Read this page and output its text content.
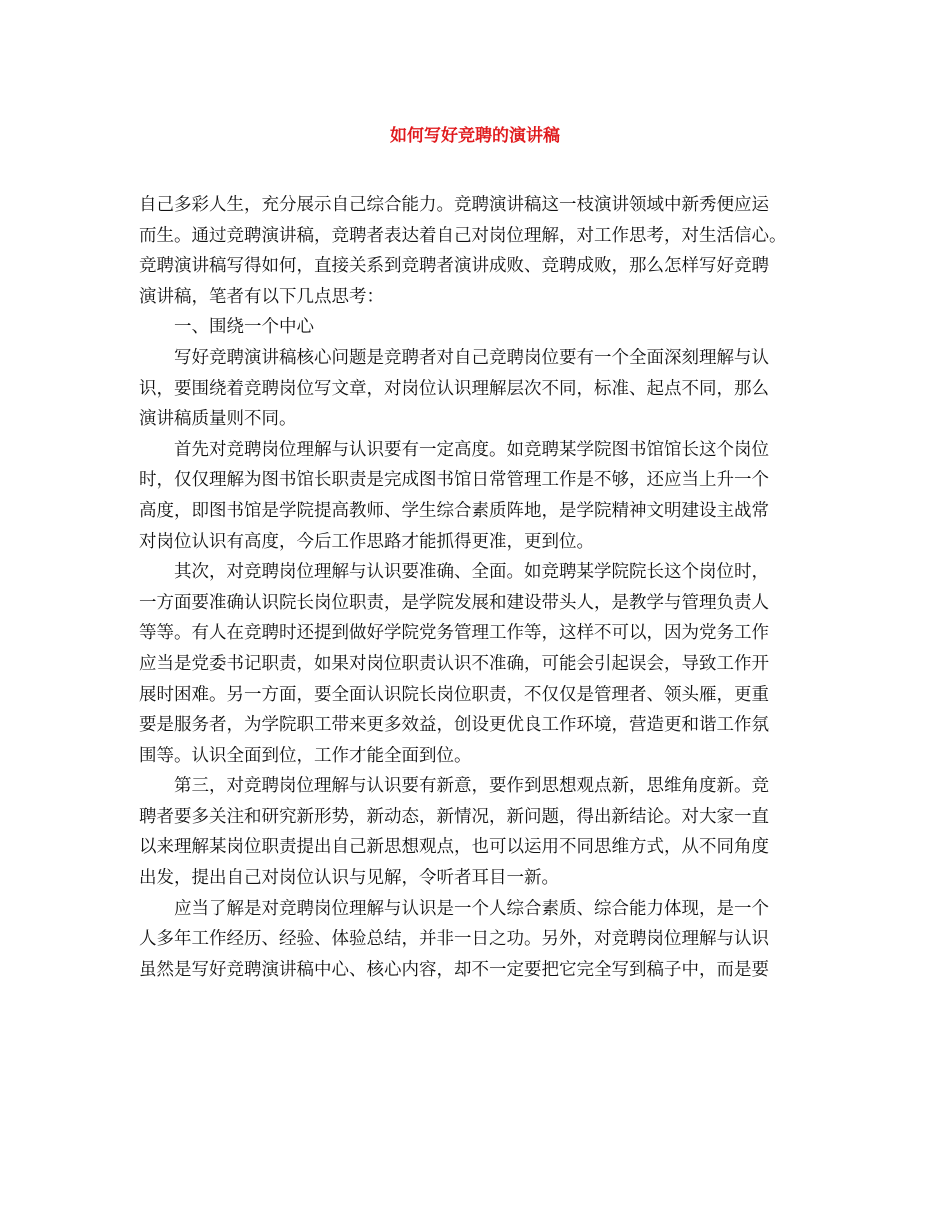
如何写好竞聘的演讲稿
自己多彩人生，充分展示自己综合能力。竞聘演讲稿这一枝演讲领域中新秀便应运
而生。通过竞聘演讲稿，竞聘者表达着自己对岗位理解，对工作思考，对生活信心。
竞聘演讲稿写得如何，直接关系到竞聘者演讲成败、竞聘成败，那么怎样写好竞聘
演讲稿，笔者有以下几点思考：
一、围绕一个中心
写好竞聘演讲稿核心问题是竞聘者对自己竞聘岗位要有一个全面深刻理解与认
识，要围绕着竞聘岗位写文章，对岗位认识理解层次不同，标准、起点不同，那么
演讲稿质量则不同。
首先对竞聘岗位理解与认识要有一定高度。如竞聘某学院图书馆馆长这个岗位
时，仅仅理解为图书馆长职责是完成图书馆日常管理工作是不够，还应当上升一个
高度，即图书馆是学院提高教师、学生综合素质阵地，是学院精神文明建设主战常
对岗位认识有高度，今后工作思路才能抓得更准，更到位。
其次，对竞聘岗位理解与认识要准确、全面。如竞聘某学院院长这个岗位时，
一方面要准确认识院长岗位职责，是学院发展和建设带头人，是教学与管理负责人
等等。有人在竞聘时还提到做好学院党务管理工作等，这样不可以，因为党务工作
应当是党委书记职责，如果对岗位职责认识不准确，可能会引起误会，导致工作开
展时困难。另一方面，要全面认识院长岗位职责，不仅仅是管理者、领头雁，更重
要是服务者，为学院职工带来更多效益，创设更优良工作环境，营造更和谐工作氛
围等。认识全面到位，工作才能全面到位。
第三，对竞聘岗位理解与认识要有新意，要作到思想观点新，思维角度新。竞
聘者要多关注和研究新形势，新动态，新情况，新问题，得出新结论。对大家一直
以来理解某岗位职责提出自己新思想观点，也可以运用不同思维方式，从不同角度
出发，提出自己对岗位认识与见解，令听者耳目一新。
应当了解是对竞聘岗位理解与认识是一个人综合素质、综合能力体现，是一个
人多年工作经历、经验、体验总结，并非一日之功。另外，对竞聘岗位理解与认识
虽然是写好竞聘演讲稿中心、核心内容，却不一定要把它完全写到稿子中，而是要
